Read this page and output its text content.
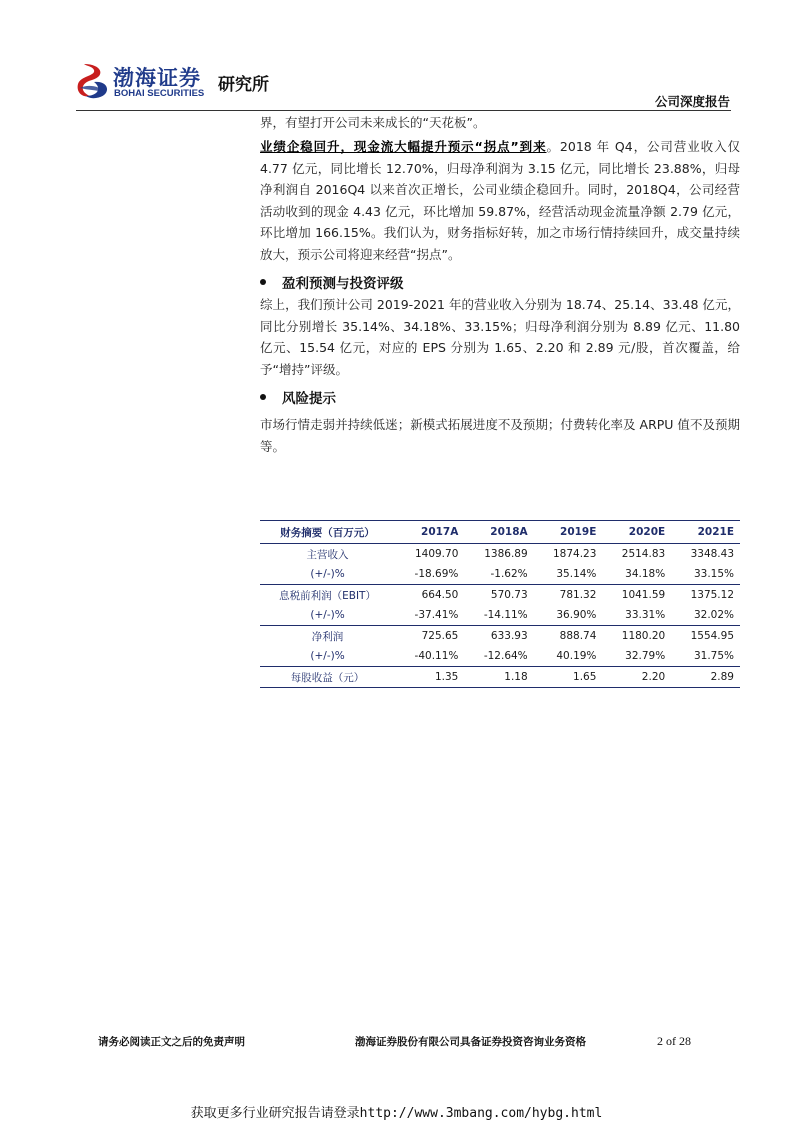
渤海证券
BOHAI SECURITIES 研究所
公司深度报告
界，有望打开公司未来成长的“天花板”。
业绩企稳回升，现金流大幅提升预示“拐点”到来。2018 年 Q4，公司营业收入仅 4.77 亿元，同比增长 12.70%，归母净利润为 3.15 亿元，同比增长 23.88%，归母净利润自 2016Q4 以来首次正增长，公司业绩企稳回升。同时，2018Q4，公司经营活动收到的现金 4.43 亿元，环比增加 59.87%，经营活动现金流量净额 2.79 亿元，环比增加 166.15%。我们认为，财务指标好转，加之市场行情持续回升，成交量持续放大，预示公司将迎来经营“拐点”。
盈利预测与投资评级
综上，我们预计公司 2019-2021 年的营业收入分别为 18.74、25.14、33.48 亿元，同比分别增长 35.14%、34.18%、33.15%；归母净利润分别为 8.89 亿元、11.80 亿元、15.54 亿元，对应的 EPS 分别为 1.65、2.20 和 2.89 元/股，首次覆盖，给予“增持”评级。
风险提示
市场行情走弱并持续低迷；新模式拓展进度不及预期；付费转化率及 ARPU 值不及预期等。
财务摘要（百万元）	2017A	2018A	2019E	2020E	2021E
主营收入	1409.70	1386.89	1874.23	2514.83	3348.43
(+/-)%	-18.69%	-1.62%	35.14%	34.18%	33.15%
息税前利润（EBIT）	664.50	570.73	781.32	1041.59	1375.12
(+/-)%	-37.41%	-14.11%	36.90%	33.31%	32.02%
净利润	725.65	633.93	888.74	1180.20	1554.95
(+/-)%	-40.11%	-12.64%	40.19%	32.79%	31.75%
每股收益（元）	1.35	1.18	1.65	2.20	2.89
请务必阅读正文之后的免责声明	渤海证券股份有限公司具备证券投资咨询业务资格	2 of 28
获取更多行业研究报告请登录http://www.3mbang.com/hybg.html
